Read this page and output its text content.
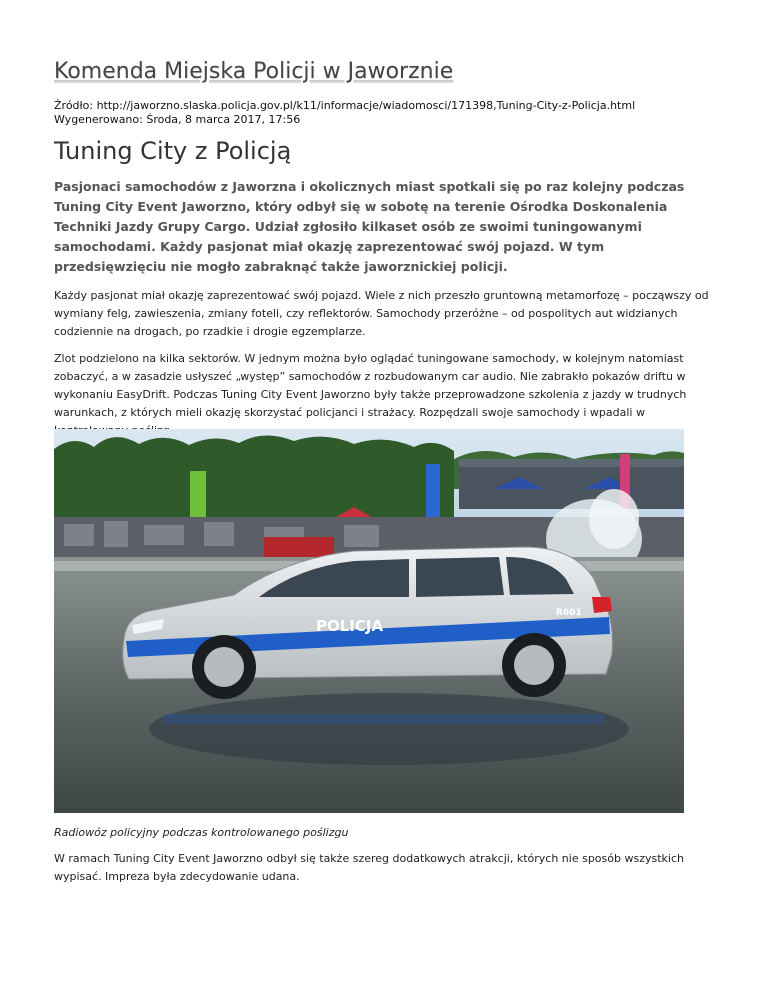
Komenda Miejska Policji w Jaworznie
Źródło: http://jaworzno.slaska.policja.gov.pl/k11/informacje/wiadomosci/171398,Tuning-City-z-Policja.html
Wygenerowano: Środa, 8 marca 2017, 17:56
Tuning City z Policją

Pasjonaci samochodów z Jaworzna i okolicznych miast spotkali się po raz kolejny podczas Tuning City Event Jaworzno, który odbył się w sobotę na terenie Ośrodka Doskonalenia Techniki Jazdy Grupy Cargo. Udział zgłosiło kilkaset osób ze swoimi tuningowanymi samochodami. Każdy pasjonat miał okazję zaprezentować swój pojazd. W tym przedsięwzięciu nie mogło zabraknąć także jaworznickiej policji.

Każdy pasjonat miał okazję zaprezentować swój pojazd. Wiele z nich przeszło gruntowną metamorfozę – począwszy od wymiany felg, zawieszenia, zmiany foteli, czy reflektorów. Samochody przeróżne – od pospolitych aut widzianych codziennie na drogach, po rzadkie i drogie egzemplarze.

Zlot podzielono na kilka sektorów. W jednym można było oglądać tuningowane samochody, w kolejnym natomiast zobaczyć, a w zasadzie usłyszeć „występ” samochodów z rozbudowanym car audio. Nie zabrakło pokazów driftu w wykonaniu EasyDrift. Podczas Tuning City Event Jaworzno były także przeprowadzone szkolenia z jazdy w trudnych warunkach, z których mieli okazję skorzystać policjanci i strażacy. Rozpędzali swoje samochody i wpadali w

POLICJA
R601

Radiowóz policyjny podczas kontrolowanego poślizgu

W ramach Tuning City Event Jaworzno odbył się także szereg dodatkowych atrakcji, których nie sposób wszystkich wypisać. Impreza była zdecydowanie udana.
